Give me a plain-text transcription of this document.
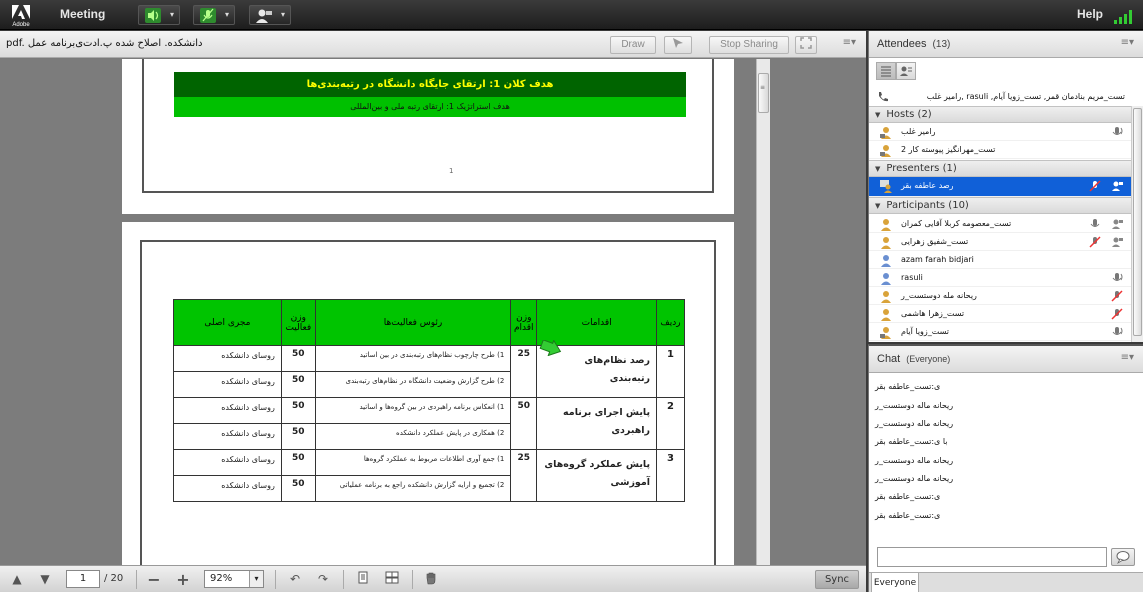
Adobe
Meeting	▾	▾	▾	Help
pdf. دانشکده. اصلاح شده پ.ادت‌ی‌برنامه عمل	Draw	Stop Sharing	≡▾
هدف کلان 1: ارتقای جایگاه دانشگاه در رتبه‌بندی‌ها
هدف استراتژیک 1: ارتقای رتبه ملی و بین‌المللی
1
ردیف	اقدامات	وزن اقدام	رئوس فعالیت‌ها	وزن فعالیت	مجری اصلی
1	رصد نظام‌های رتبه‌بندی	25	1) طرح چارچوب نظام‌های رتبه‌بندی در بین اساتید	50	روسای دانشکده
			2) طرح گزارش وضعیت دانشگاه در نظام‌های رتبه‌بندی	50	روسای دانشکده
2	پایش اجرای برنامه راهبردی	50	1) انعکاس برنامه راهبردی در بین گروه‌ها و اساتید	50	روسای دانشکده
			2) همکاری در پایش عملکرد دانشکده	50	روسای دانشکده
3	پایش عملکرد گروه‌های آموزشی	25	1) جمع آوری اطلاعات مربوط به عملکرد گروه‌ها	50	روسای دانشکده
			2) تجمیع و ارایه گزارش دانشکده راجع به برنامه عملیاتی	50	روسای دانشکده
≡
▲	▼	1	/ 20 − +	92%	▾	↶	↷	Sync
Attendees (13)	≡▾
تست_مریم بنادمان قمر, تست_زویا آیام, rasuli ,رامیر غلب
▼ Hosts (2)
رامیر غلب
تست_مهرانگیز پیوسته کار 2
▼ Presenters (1)
رصد عاطفه بقر
▼ Participants (10)
تست_معصومه کربلا آقایی کمران
تست_شفیق زهرایی
azam farah bidjari
rasuli
ریحانه مله دوستست_ر
تست_زهرا هاشمی
تست_زویا آیام
Chat (Everyone)	≡▾
ی:تست_عاطفه بقر
ریحانه ماله دوستست_ر
ریحانه ماله دوستست_ر
با ی:تست_عاطفه بقر
ریحانه ماله دوستست_ر
ریحانه ماله دوستست_ر
ی:تست_عاطفه بقر
ی:تست_عاطفه بقر
Everyone
